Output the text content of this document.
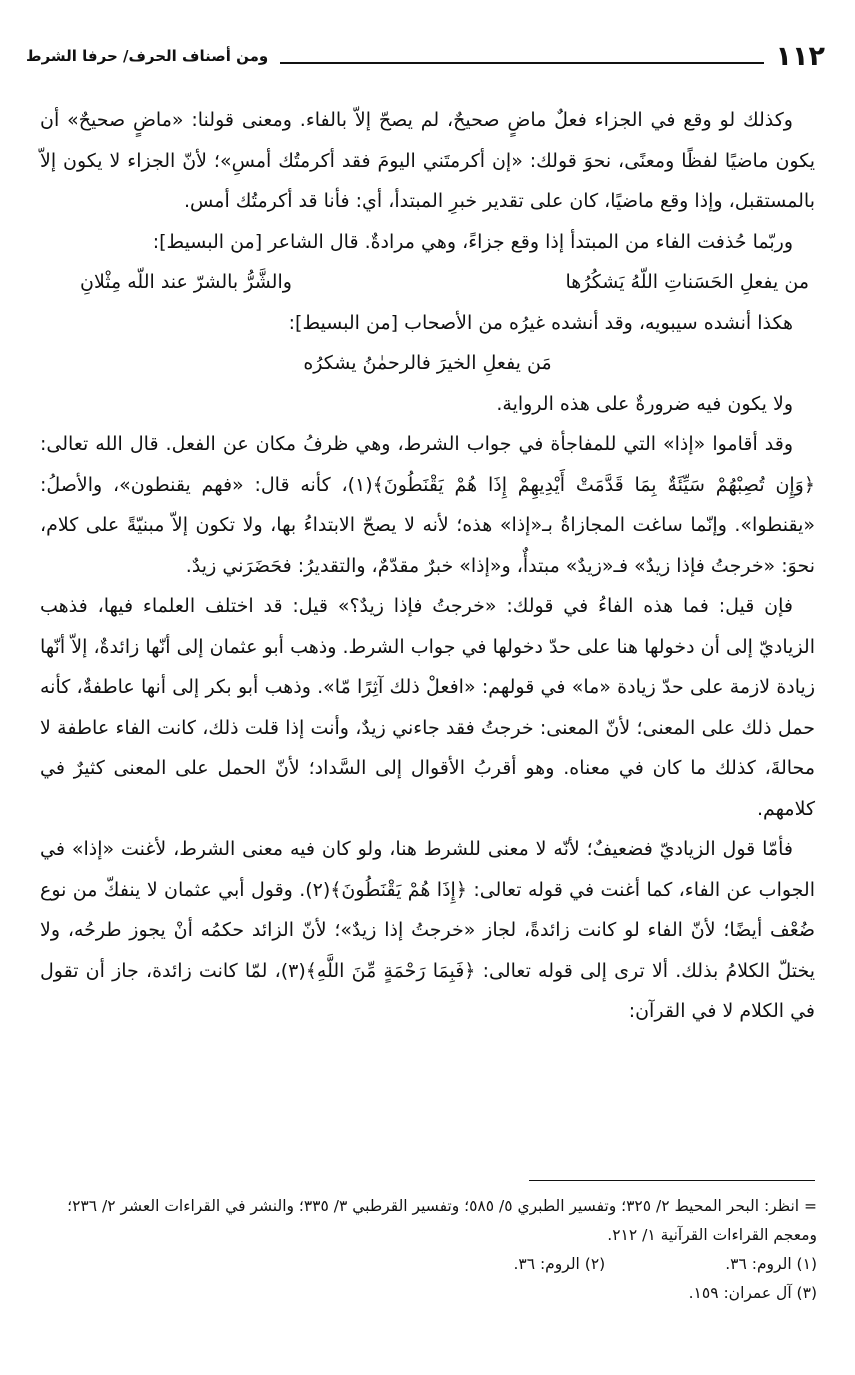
١١٢
ومن أصناف الحرف/ حرفا الشرط

وكذلك لو وقع في الجزاء فعلٌ ماضٍ صحيحٌ، لم يصحّ إلاّ بالفاء. ومعنى قولنا: «ماضٍ صحيحٌ» أن يكون ماضيًا لفظًا ومعنًى، نحوَ قولك: «إن أكرمتَني اليومَ فقد أكرمتُك أمسِ»؛ لأنّ الجزاء لا يكون إلاّ بالمستقبل، وإذا وقع ماضيًا، كان على تقدير خبرِ المبتدأ، أي: فأنا قد أكرمتُك أمس.

وربّما حُذفت الفاء من المبتدأ إذا وقع جزاءً، وهي مرادةٌ. قال الشاعر [من البسيط]:

من يفعلِ الحَسَناتِ اللّهُ يَشكُرُها
والشَّرُّ بالشرّ عند اللّه مِثْلانِ

هكذا أنشده سيبويه، وقد أنشده غيرُه من الأصحاب [من البسيط]:

مَن يفعلِ الخيرَ فالرحمٰنُ يشكرُه

ولا يكون فيه ضرورةٌ على هذه الرواية.

وقد أقاموا «إذا» التي للمفاجأة في جواب الشرط، وهي ظرفُ مكان عن الفعل. قال الله تعالى: ﴿وَإِن تُصِبْهُمْ سَيِّئَةٌ بِمَا قَدَّمَتْ أَيْدِيهِمْ إِذَا هُمْ يَقْنَطُونَ﴾(١)، كأنه قال: «فهم يقنطون»، والأصلُ: «يقنطوا». وإنّما ساغت المجازاةُ بـ«إذا» هذه؛ لأنه لا يصحّ الابتداءُ بها، ولا تكون إلاّ مبنيّةً على كلام، نحوَ: «خرجتُ فإذا زيدٌ» فـ«زيدٌ» مبتدأٌ، و«إذا» خبرٌ مقدّمٌ، والتقديرُ: فحَضَرَني زيدٌ.

فإن قيل: فما هذه الفاءُ في قولك: «خرجتُ فإذا زيدٌ؟» قيل: قد اختلف العلماء فيها، فذهب الزياديّ إلى أن دخولها هنا على حدّ دخولها في جواب الشرط. وذهب أبو عثمان إلى أنّها زائدةٌ، إلاّ أنّها زيادة لازمة على حدّ زيادة «ما» في قولهم: «افعلْ ذلك آثِرًا مّا». وذهب أبو بكر إلى أنها عاطفةٌ، كأنه حمل ذلك على المعنى؛ لأنّ المعنى: خرجتُ فقد جاءني زيدٌ، وأنت إذا قلت ذلك، كانت الفاء عاطفة لا محالةَ، كذلك ما كان في معناه. وهو أقربُ الأقوال إلى السَّداد؛ لأنّ الحمل على المعنى كثيرٌ في كلامهم.

فأمّا قول الزياديّ فضعيفٌ؛ لأنّه لا معنى للشرط هنا، ولو كان فيه معنى الشرط، لأغنت «إذا» في الجواب عن الفاء، كما أغنت في قوله تعالى: ﴿إِذَا هُمْ يَقْنَطُونَ﴾(٢). وقول أبي عثمان لا ينفكّ من نوع ضُعْف أيضًا؛ لأنّ الفاء لو كانت زائدةً، لجاز «خرجتُ إذا زيدٌ»؛ لأنّ الزائد حكمُه أنْ يجوز طرحُه، ولا يختلّ الكلامُ بذلك. ألا ترى إلى قوله تعالى: ﴿فَبِمَا رَحْمَةٍ مِّنَ اللَّهِ﴾(٣)، لمّا كانت زائدة، جاز أن تقول في الكلام لا في القرآن:

= انظر: البحر المحيط ٢/ ٣٢٥؛ وتفسير الطبري ٥/ ٥٨٥؛ وتفسير القرطبي ٣/ ٣٣٥؛ والنشر في القراءات العشر ٢/ ٢٣٦؛ ومعجم القراءات القرآنية ١/ ٢١٢.

(١) الروم: ٣٦.
(٢) الروم: ٣٦.

(٣) آل عمران: ١٥٩.
